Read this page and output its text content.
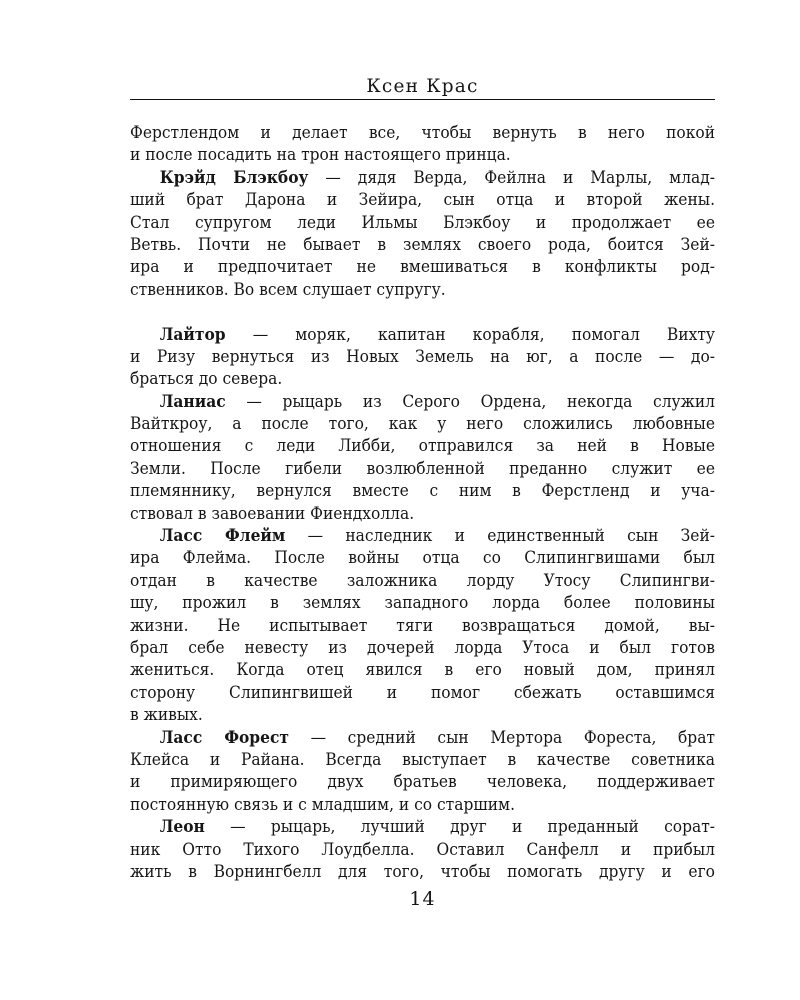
Ксен Крас
Ферстлендом и делает все, чтобы вернуть в него покой
и после посадить на трон настоящего принца.
Крэйд Блэкбоу — дядя Верда, Фейлна и Марлы, млад-
ший брат Дарона и Зейира, сын отца и второй жены.
Стал супругом леди Ильмы Блэкбоу и продолжает ее
Ветвь. Почти не бывает в землях своего рода, боится Зей-
ира и предпочитает не вмешиваться в конфликты род-
ственников. Во всем слушает супругу.
Лайтор — моряк, капитан корабля, помогал Вихту
и Ризу вернуться из Новых Земель на юг, а после — до-
браться до севера.
Ланиас — рыцарь из Серого Ордена, некогда служил
Вайткроу, а после того, как у него сложились любовные
отношения с леди Либби, отправился за ней в Новые
Земли. После гибели возлюбленной преданно служит ее
племяннику, вернулся вместе с ним в Ферстленд и уча-
ствовал в завоевании Фиендхолла.
Ласс Флейм — наследник и единственный сын Зей-
ира Флейма. После войны отца со Слипингвишами был
отдан в качестве заложника лорду Утосу Слипингви-
шу, прожил в землях западного лорда более половины
жизни. Не испытывает тяги возвращаться домой, вы-
брал себе невесту из дочерей лорда Утоса и был готов
жениться. Когда отец явился в его новый дом, принял
сторону Слипингвишей и помог сбежать оставшимся
в живых.
Ласс Форест — средний сын Мертора Фореста, брат
Клейса и Райана. Всегда выступает в качестве советника
и примиряющего двух братьев человека, поддерживает
постоянную связь и с младшим, и со старшим.
Леон — рыцарь, лучший друг и преданный сорат-
ник Отто Тихого Лоудбелла. Оставил Санфелл и прибыл
жить в Ворнингбелл для того, чтобы помогать другу и его
14
